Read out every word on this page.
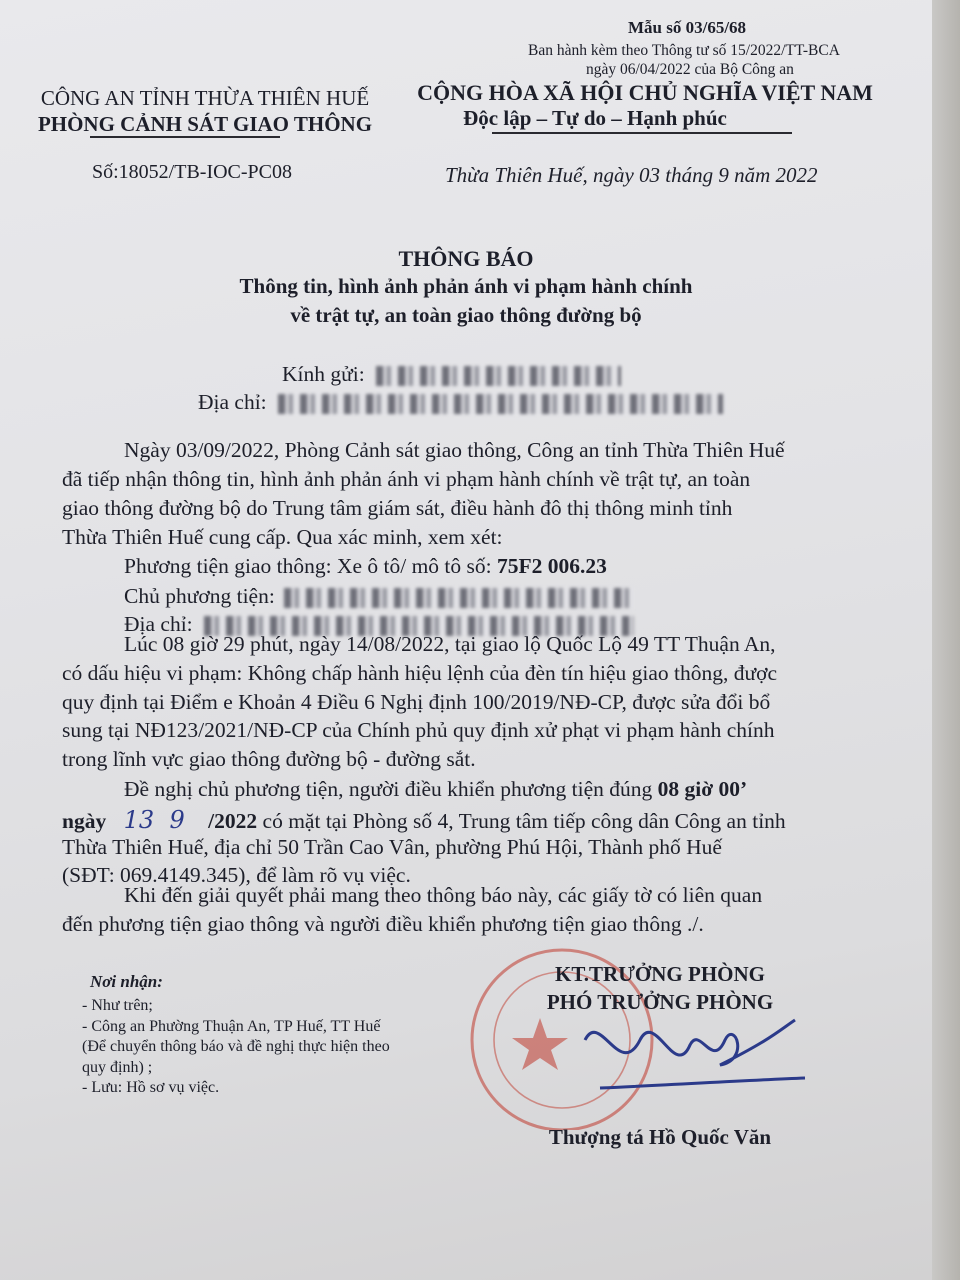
Mẫu số 03/65/68
Ban hành kèm theo Thông tư số 15/2022/TT-BCA
ngày 06/04/2022 của Bộ Công an
CÔNG AN TỈNH THỪA THIÊN HUẾ
PHÒNG CẢNH SÁT GIAO THÔNG
Số:18052/TB-IOC-PC08
CỘNG HÒA XÃ HỘI CHỦ NGHĨA VIỆT NAM
Độc lập – Tự do – Hạnh phúc
Thừa Thiên Huế, ngày 03 tháng 9 năm 2022
THÔNG BÁO
Thông tin, hình ảnh phản ánh vi phạm hành chính
về trật tự, an toàn giao thông đường bộ
Kính gửi:
Địa chỉ:
Ngày 03/09/2022, Phòng Cảnh sát giao thông, Công an tỉnh Thừa Thiên Huế
đã tiếp nhận thông tin, hình ảnh phản ánh vi phạm hành chính về trật tự, an toàn
giao thông đường bộ do Trung tâm giám sát, điều hành đô thị thông minh tỉnh
Thừa Thiên Huế cung cấp. Qua xác minh, xem xét:
Phương tiện giao thông: Xe ô tô/ mô tô số: 75F2 006.23
Chủ phương tiện:
Địa chỉ:
Lúc 08 giờ 29 phút, ngày 14/08/2022, tại giao lộ Quốc Lộ 49 TT Thuận An,
có dấu hiệu vi phạm: Không chấp hành hiệu lệnh của đèn tín hiệu giao thông, được
quy định tại Điểm e Khoản 4 Điều 6 Nghị định 100/2019/NĐ-CP, được sửa đổi bổ
sung tại NĐ123/2021/NĐ-CP của Chính phủ quy định xử phạt vi phạm hành chính
trong lĩnh vực giao thông đường bộ - đường sắt.
Đề nghị chủ phương tiện, người điều khiển phương tiện đúng 08 giờ 00’
ngày 13 9 /2022 có mặt tại Phòng số 4, Trung tâm tiếp công dân Công an tỉnh
Thừa Thiên Huế, địa chỉ 50 Trần Cao Vân, phường Phú Hội, Thành phố Huế
(SĐT: 069.4149.345), để làm rõ vụ việc.
Khi đến giải quyết phải mang theo thông báo này, các giấy tờ có liên quan
đến phương tiện giao thông và người điều khiển phương tiện giao thông ./.
Nơi nhận:
- Như trên;
- Công an Phường Thuận An, TP Huế, TT Huế
(Để chuyển thông báo và đề nghị thực hiện theo
quy định) ;
- Lưu: Hồ sơ vụ việc.
KT.TRƯỞNG PHÒNG
PHÓ TRƯỞNG PHÒNG
Thượng tá Hồ Quốc Văn
